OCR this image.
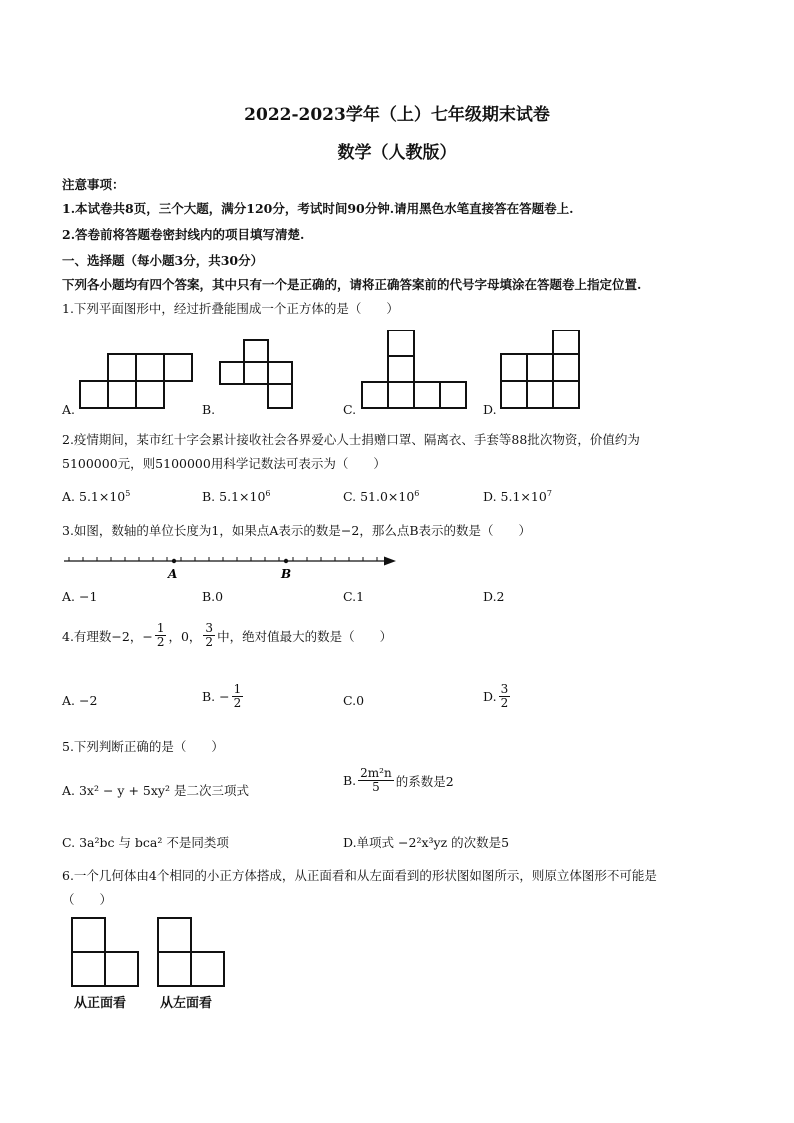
2022-2023学年（上）七年级期末试卷
数学（人教版）
注意事项：
1.本试卷共8页，三个大题，满分120分，考试时间90分钟.请用黑色水笔直接答在答题卷上.
2.答卷前将答题卷密封线内的项目填写清楚.
一、选择题（每小题3分，共30分）
下列各小题均有四个答案，其中只有一个是正确的，请将正确答案前的代号字母填涂在答题卷上指定位置.
1.下列平面图形中，经过折叠能围成一个正方体的是（　　）
A.	B.	C.	D.
2.疫情期间，某市红十字会累计接收社会各界爱心人士捐赠口罩、隔离衣、手套等88批次物资，价值约为
5100000元，则5100000用科学记数法可表示为（　　）
A. $5.1\times 10^5$	B. $5.1\times 10^6$	C. $51.0\times 10^6$	D. $5.1\times 10^7$
3.如图，数轴的单位长度为1，如果点A表示的数是−2，那么点B表示的数是（　　）
A	B
A. −1	B.0	C.1	D.2
4.有理数−2，− $\frac{1}{2}$ ，0， $\frac{3}{2}$ 中，绝对值最大的数是（　　）
A. −2	B. − $\frac{1}{2}$	C.0	D. $\frac{3}{2}$
5.下列判断正确的是（　　）
A. 3x² − y + 5xy² 是二次三项式
B. $\frac{\text{2m²n}}{5}$ 的系数是2
C. 3a²bc 与 bca² 不是同类项	D.单项式 −2²x³yz 的次数是5
6.一个几何体由4个相同的小正方体搭成，从正面看和从左面看到的形状图如图所示，则原立体图形不可能是
（　　）
从正面看	从左面看
